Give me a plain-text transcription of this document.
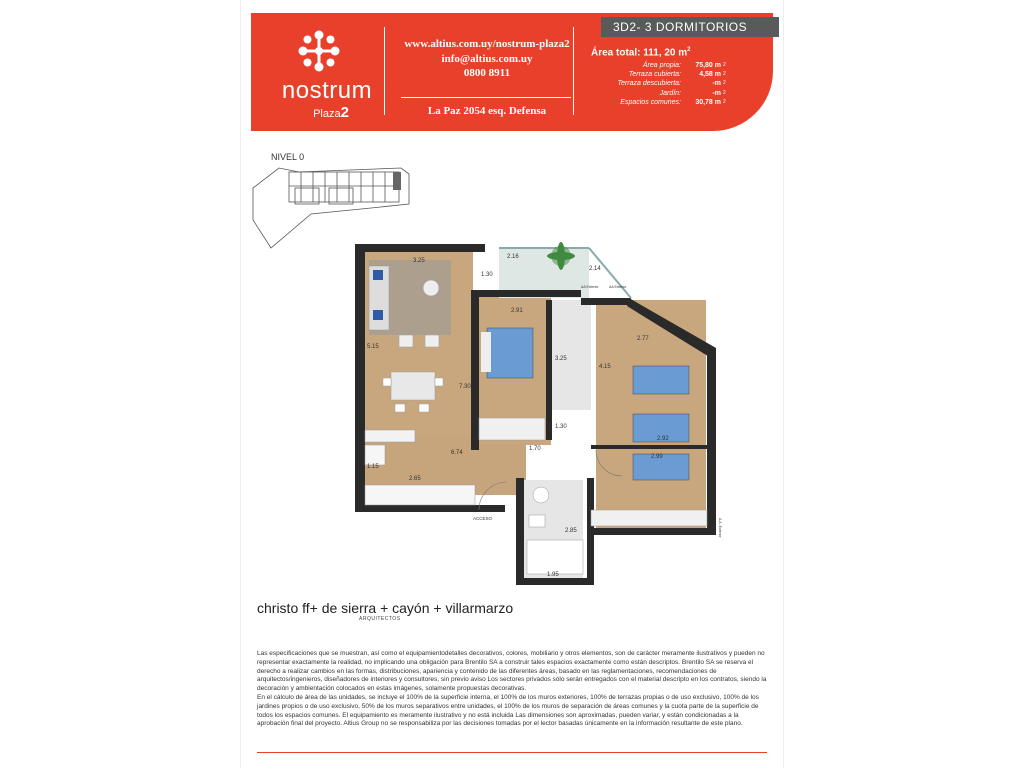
nostrum
Plaza2
www.altius.com.uy/nostrum-plaza2
info@altius.com.uy
0800 8911
La Paz 2054 esq. Defensa
3D2- 3 DORMITORIOS
Área total: 111, 20 $m^2$
Área propia:	75,80 m 2
Terraza cubierta:	4,58 m 2
Terraza descubierta:	-m 2
Jardín:	-m 2
Espacios comunes:	30,78 m 2
NIVEL 0
3.25
2.16
2.14
1.30
2.91
5.15
7.30
3.25
4.15
2.77
1.30
2.92
6.74
1.70
2.99
1.15
2.65
2.85
1.95
ACCESO
AA Exterior	AA Exterior
A.A. Exterior
christo ff+ de sierra + cayón + villarmarzo
ARQUITECTOS
Las especificaciones que se muestran, así como el equipamientodetalles decorativos, colores, mobiliario y otros elementos, son de carácter meramente ilustrativos y pueden no representar exactamente la realidad, no implicando una obligación para Brentilo SA a construir tales espacios exactamente como están descriptos. Brentilo SA se reserva el derecho a realizar cambios en las formas, distribuciones, apariencia y contenido de las diferentes áreas, basado en las reglamentaciones, recomendaciones de arquitectos/ingenieros, diseñadores de interiores y consultores, sin previo aviso Los sectores privados sólo serán entregados con el material descripto en los contratos, siendo la decoración y ambientación colocados en estas imágenes, solamente propuestas decorativas.
En el cálculo de área de las unidades, se incluye el 100% de la superficie interna, el 100% de los muros exteriores, 100% de terrazas propias o de uso exclusivo, 100% de los jardines propios o de uso exclusivo, 50% de los muros separativos entre unidades, el 100% de los muros de separación de áreas comunes y la cuota parte de la superficie de todos los espacios comunes. El equipamiento es meramente ilustrativo y no está incluida Las dimensiones son aproximadas, pueden variar, y están condicionadas a la aprobación final del proyecto. Altius Group no se responsabiliza por las decisiones tomadas por el lector basadas únicamente en la información resultante de este plano.
